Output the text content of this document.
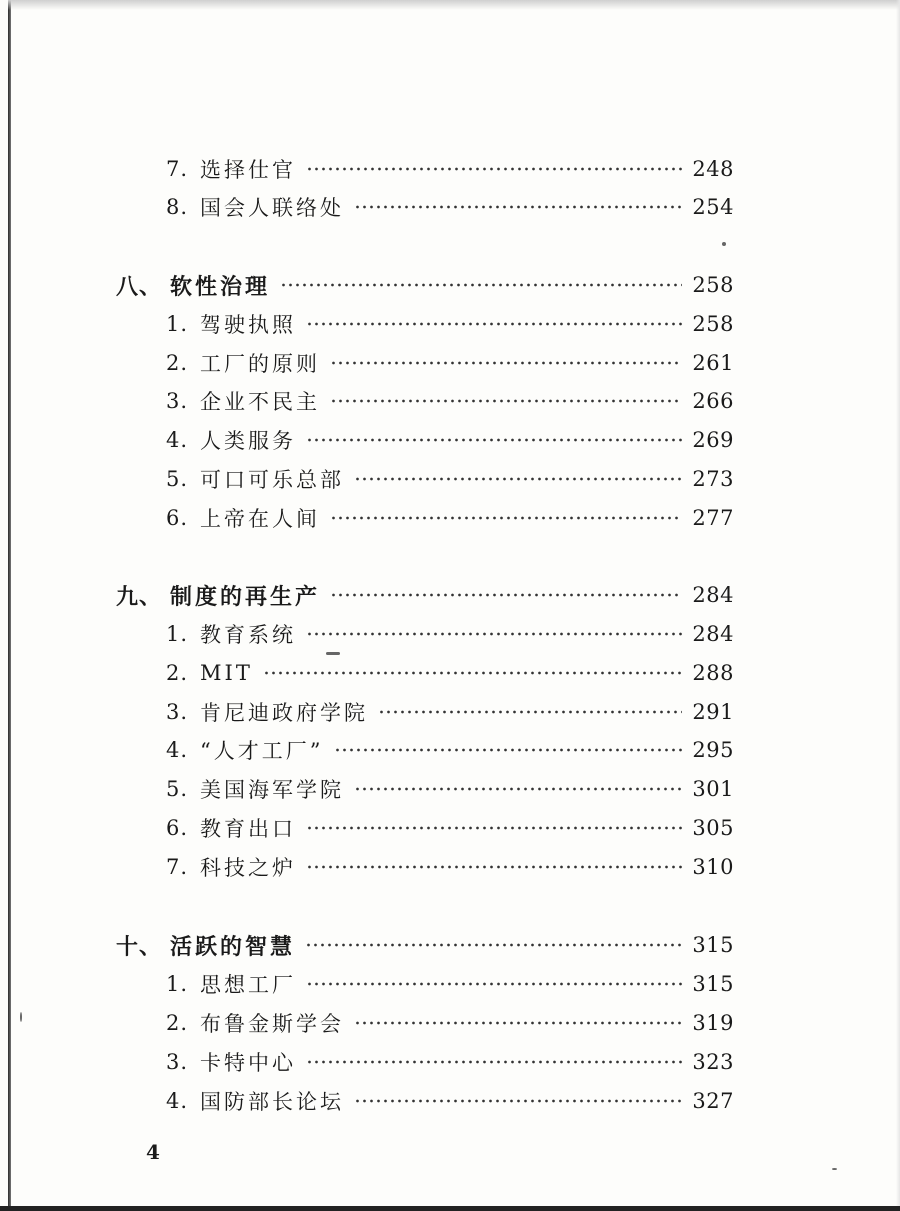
7. 选择仕官	248
8. 国会人联络处	254
八、 软性治理	258
1. 驾驶执照	258
2. 工厂的原则	261
3. 企业不民主	266
4. 人类服务	269
5. 可口可乐总部	273
6. 上帝在人间	277
九、 制度的再生产	284
1. 教育系统	284
2. MIT	288
3. 肯尼迪政府学院	291
4. “人才工厂”	295
5. 美国海军学院	301
6. 教育出口	305
7. 科技之炉	310
十、 活跃的智慧	315
1. 思想工厂	315
2. 布鲁金斯学会	319
3. 卡特中心	323
4. 国防部长论坛	327
4
